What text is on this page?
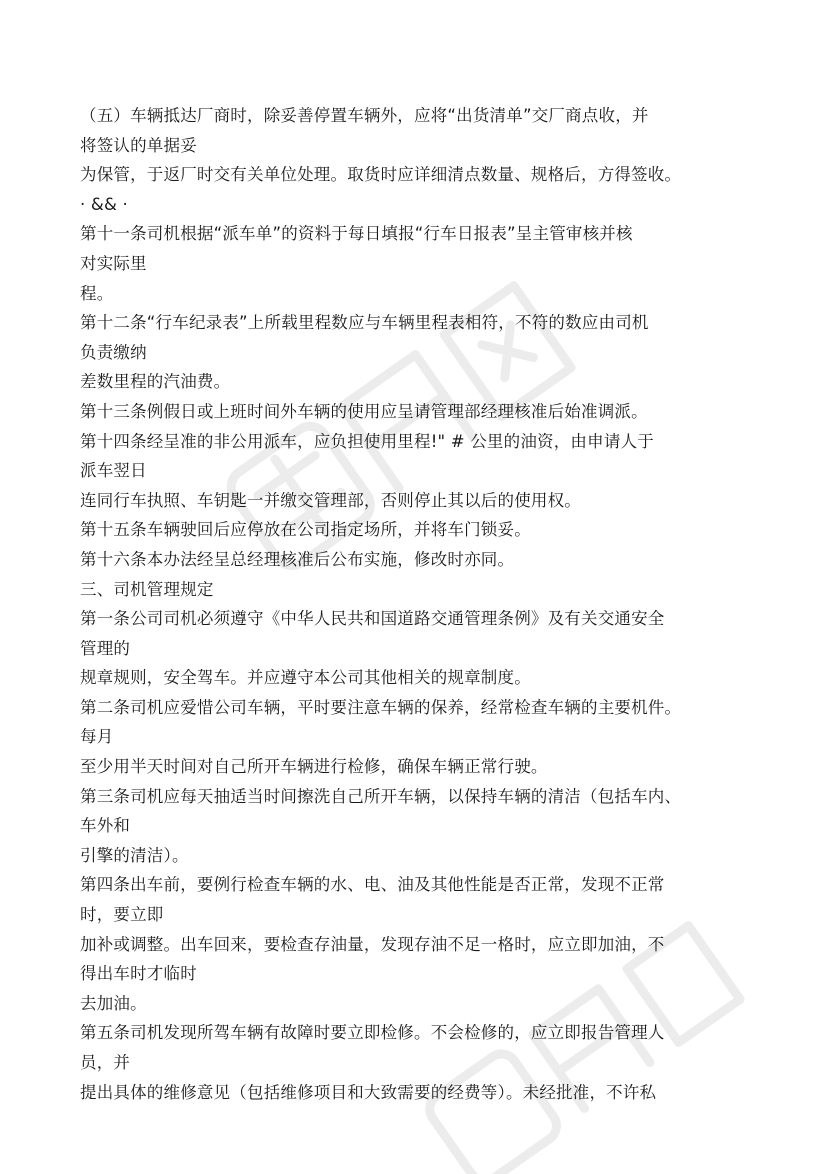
（五）车辆抵达厂商时，除妥善停置车辆外，应将“出货清单”交厂商点收，并
将签认的单据妥
为保管，于返厂时交有关单位处理。取货时应详细清点数量、规格后，方得签收。
· && ·
第十一条司机根据“派车单”的资料于每日填报“行车日报表”呈主管审核并核
对实际里
程。
第十二条“行车纪录表”上所载里程数应与车辆里程表相符，不符的数应由司机
负责缴纳
差数里程的汽油费。
第十三条例假日或上班时间外车辆的使用应呈请管理部经理核准后始准调派。
第十四条经呈准的非公用派车，应负担使用里程!" # 公里的油资，由申请人于
派车翌日
连同行车执照、车钥匙一并缴交管理部，否则停止其以后的使用权。
第十五条车辆驶回后应停放在公司指定场所，并将车门锁妥。
第十六条本办法经呈总经理核准后公布实施，修改时亦同。
三、司机管理规定
第一条公司司机必须遵守《中华人民共和国道路交通管理条例》及有关交通安全
管理的
规章规则，安全驾车。并应遵守本公司其他相关的规章制度。
第二条司机应爱惜公司车辆，平时要注意车辆的保养，经常检查车辆的主要机件。
每月
至少用半天时间对自己所开车辆进行检修，确保车辆正常行驶。
第三条司机应每天抽适当时间擦洗自己所开车辆，以保持车辆的清洁（包括车内、
车外和
引擎的清洁）。
第四条出车前，要例行检查车辆的水、电、油及其他性能是否正常，发现不正常
时，要立即
加补或调整。出车回来，要检查存油量，发现存油不足一格时，应立即加油，不
得出车时才临时
去加油。
第五条司机发现所驾车辆有故障时要立即检修。不会检修的，应立即报告管理人
员，并
提出具体的维修意见（包括维修项目和大致需要的经费等）。未经批准，不许私
